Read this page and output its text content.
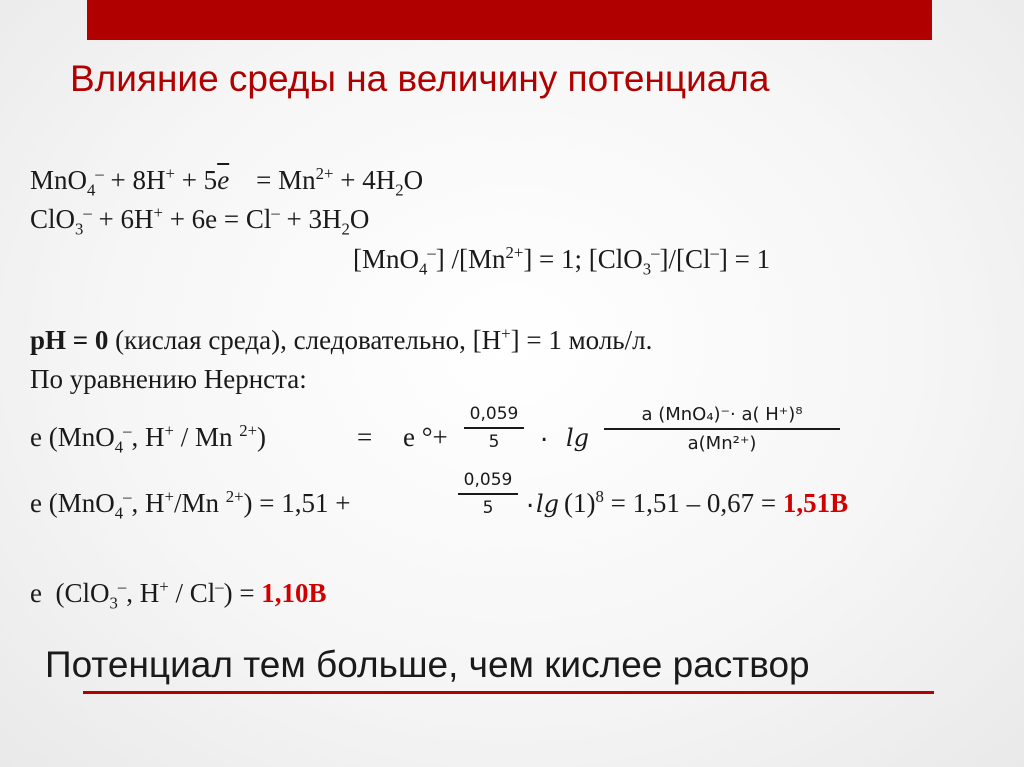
Влияние среды на величину потенциала
$MnO_4^- + 8H^+ + 5\overline{e}$    = $Mn^{2+} + 4H_2O$
$ClO_3^- + 6H^+ + 6e = Cl^- + 3H_2O$
[MnO$_4$–] $/[Mn^{2+}] = 1$; [ClO$_3$–]/[Cl–] = 1
pH = 0 (кислая среда), следовательно, [H+] = 1 моль/л.
По уравнению Нернста:
e (MnO$_4$–, H+ / Mn $^{2+}$)	= e °+
0,059
5	. lg
a (MnO₄)⁻· a( H⁺)⁸
a(Mn²⁺)
e (MnO$_4$–, H+/Mn $^{2+}$) = 1,51 +
0,059
5	. $\lg (1)^8 = 1,51 - 0,67 = 1,51В$
e  (ClO$_3$–, H+ / Cl–) = 1,10В
Потенциал тем больше, чем кислее раствор
